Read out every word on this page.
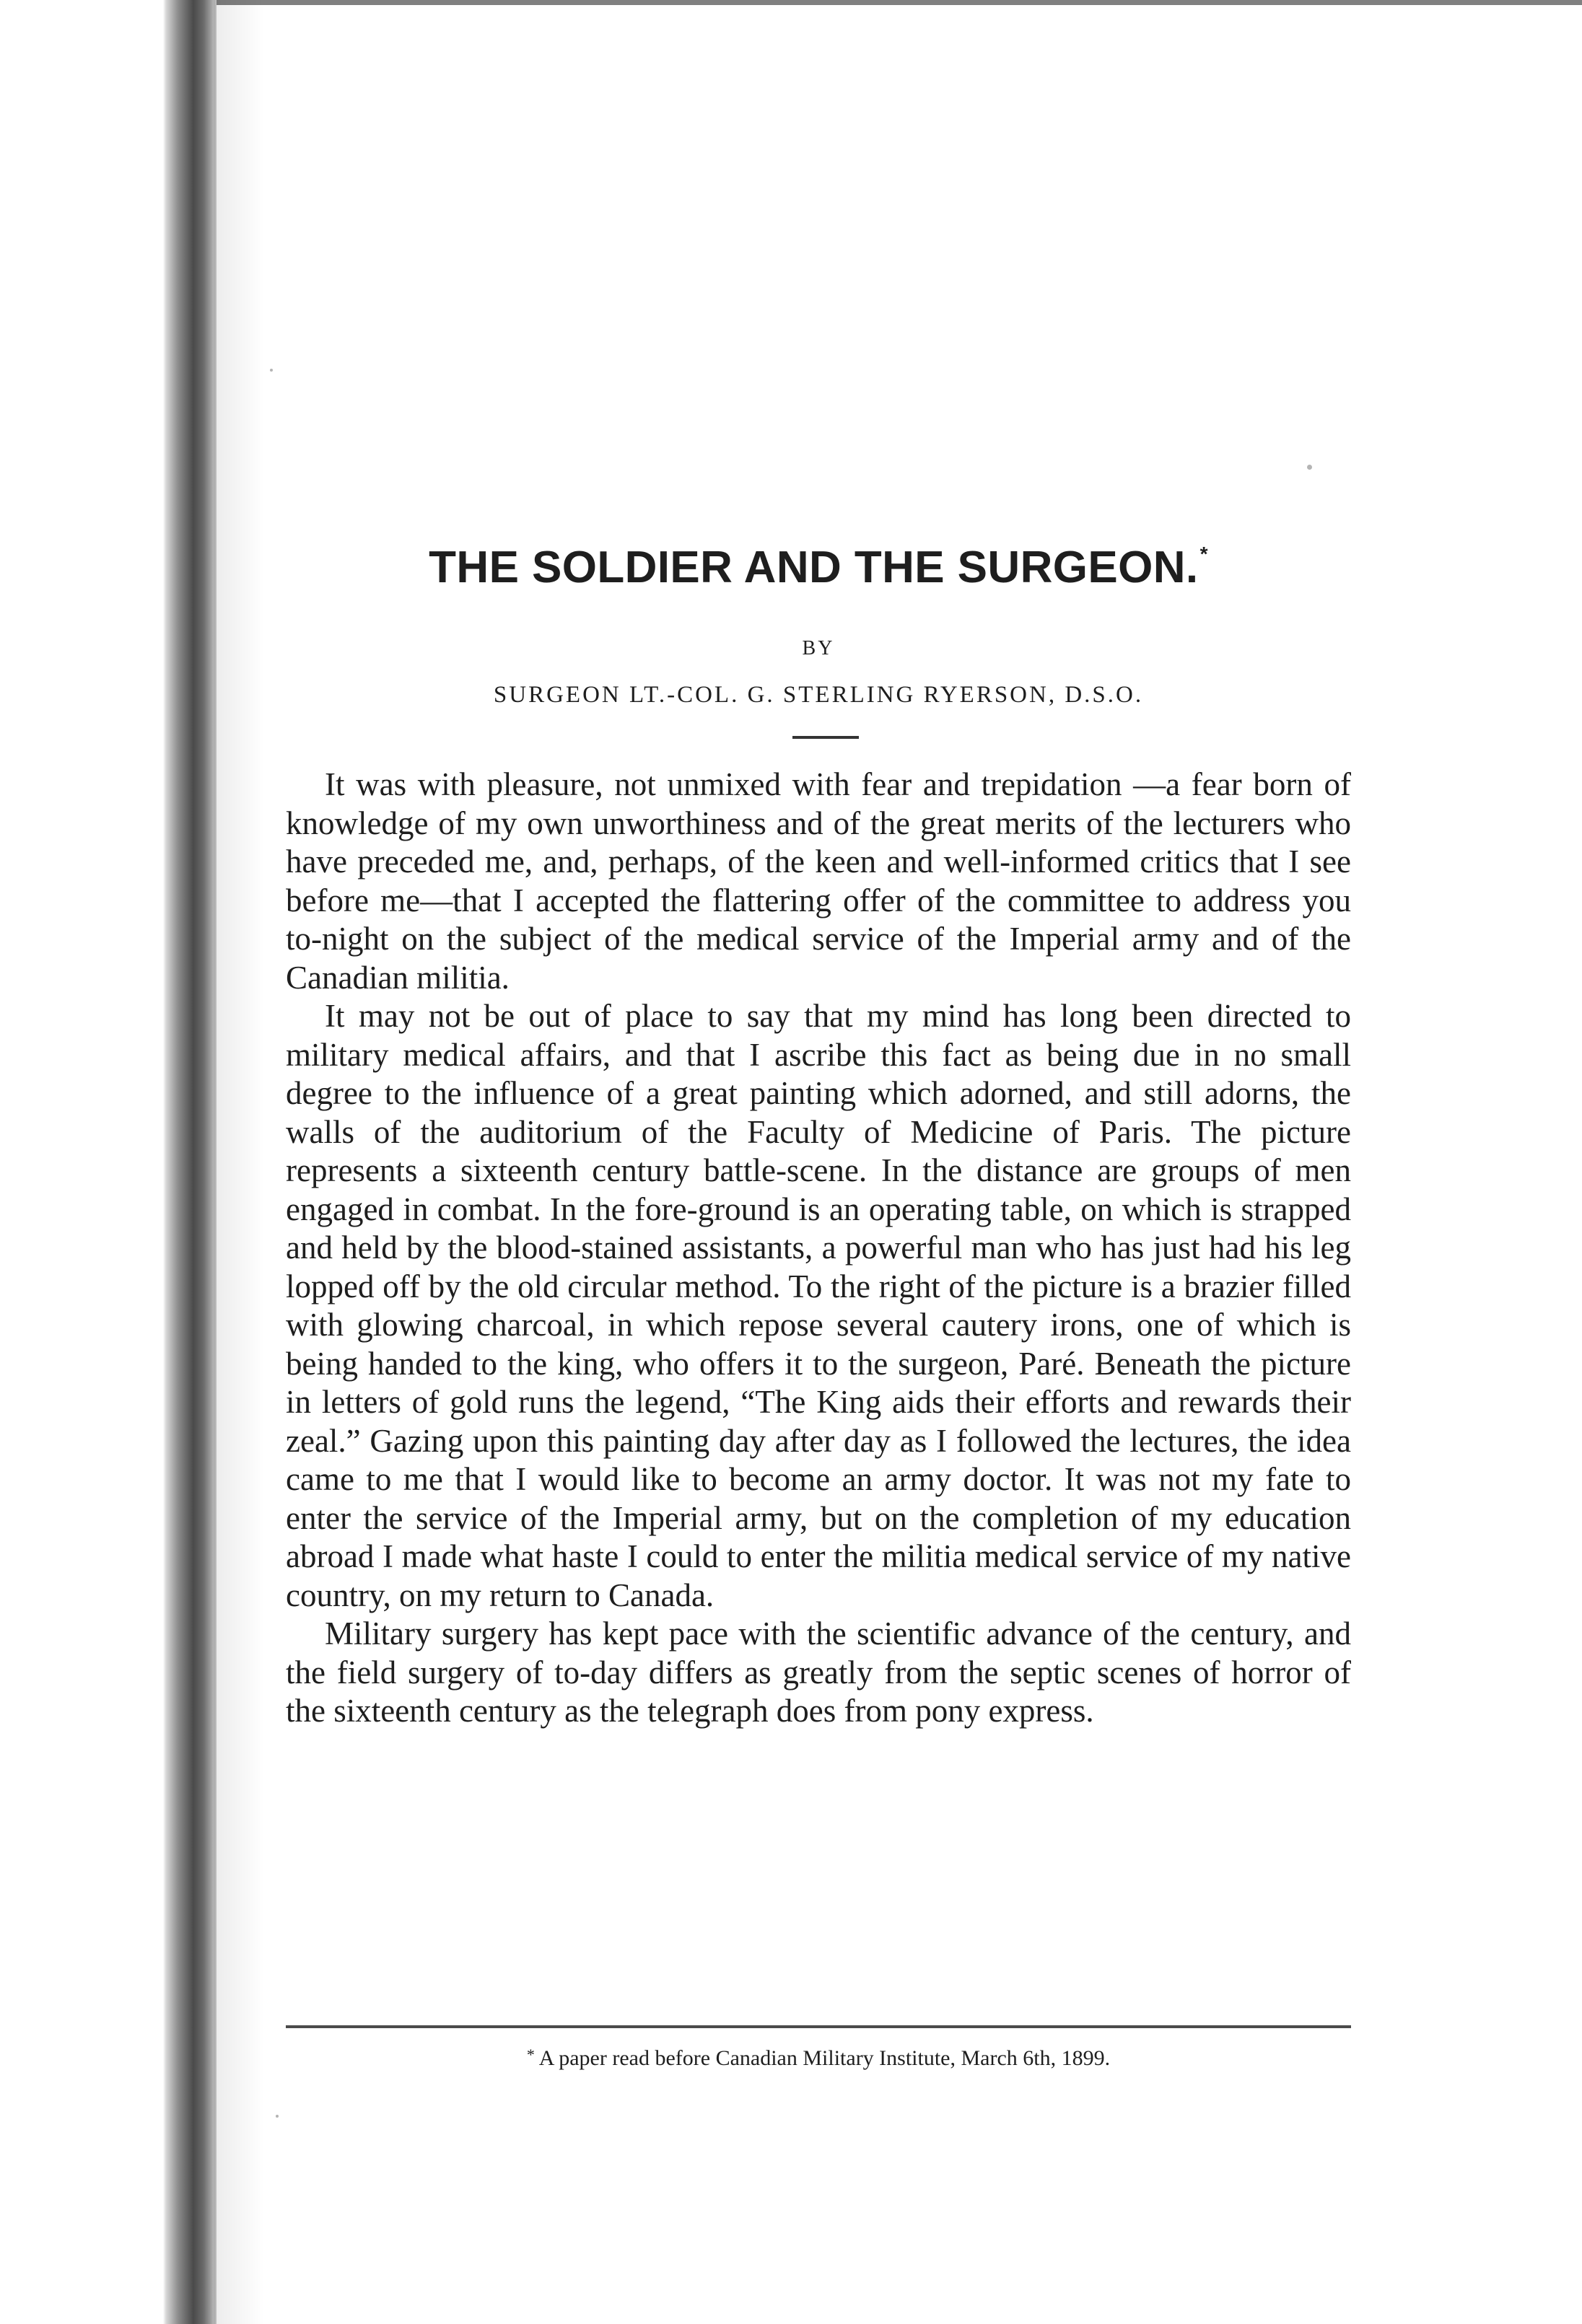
THE SOLDIER AND THE SURGEON.*
BY
SURGEON LT.-COL. G. STERLING RYERSON, D.S.O.

It was with pleasure, not unmixed with fear and trepidation —a fear born of knowledge of my own unworthiness and of the great merits of the lecturers who have preceded me, and, perhaps, of the keen and well-informed critics that I see before me—that I accepted the flattering offer of the committee to address you to-night on the subject of the medical service of the Imperial army and of the Canadian militia.

It may not be out of place to say that my mind has long been directed to military medical affairs, and that I ascribe this fact as being due in no small degree to the influence of a great painting which adorned, and still adorns, the walls of the auditorium of the Faculty of Medicine of Paris. The picture represents a sixteenth century battle-scene. In the distance are groups of men engaged in combat. In the fore-ground is an operating table, on which is strapped and held by the blood-stained assistants, a powerful man who has just had his leg lopped off by the old circular method. To the right of the picture is a brazier filled with glowing charcoal, in which repose several cautery irons, one of which is being handed to the king, who offers it to the surgeon, Paré. Beneath the picture in letters of gold runs the legend, “The King aids their efforts and rewards their zeal.” Gazing upon this painting day after day as I followed the lectures, the idea came to me that I would like to become an army doctor. It was not my fate to enter the service of the Imperial army, but on the completion of my education abroad I made what haste I could to enter the militia medical service of my native country, on my return to Canada.

Military surgery has kept pace with the scientific advance of the century, and the field surgery of to-day differs as greatly from the septic scenes of horror of the sixteenth century as the telegraph does from pony express.

* A paper read before Canadian Military Institute, March 6th, 1899.
